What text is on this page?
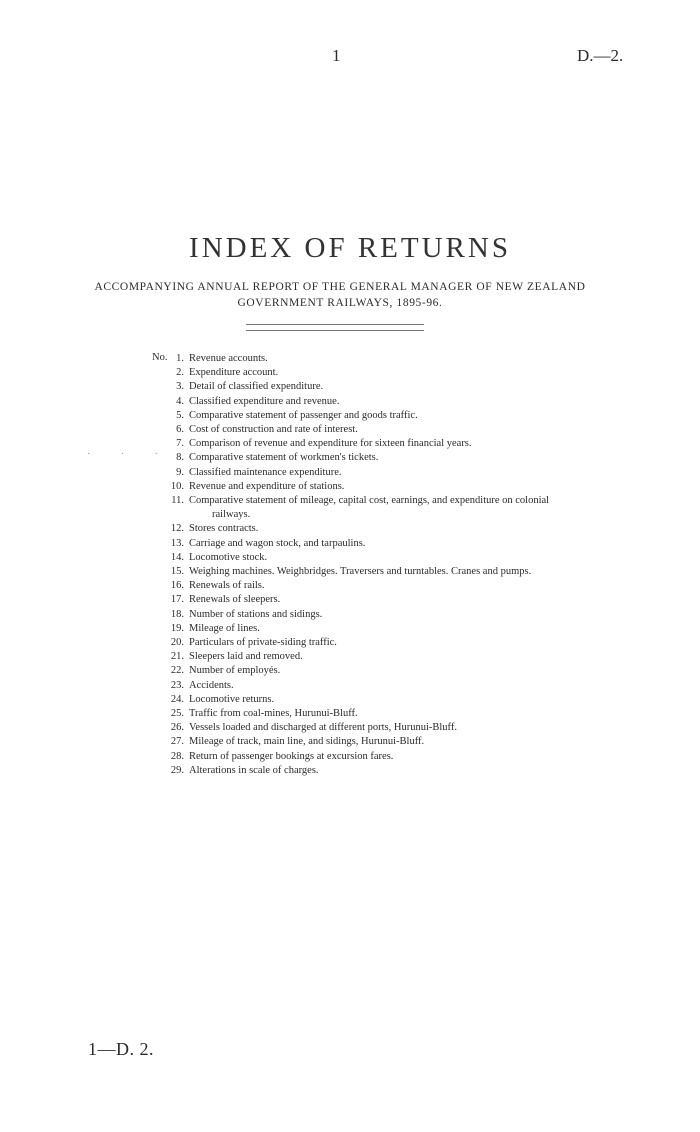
1	D.—2.
INDEX OF RETURNS
ACCOMPANYING ANNUAL REPORT OF THE GENERAL MANAGER OF NEW ZEALAND
GOVERNMENT RAILWAYS, 1895-96.
No.
· · ·
1. Revenue accounts.
2. Expenditure account.
3. Detail of classified expenditure.
4. Classified expenditure and revenue.
5. Comparative statement of passenger and goods traffic.
6. Cost of construction and rate of interest.
7. Comparison of revenue and expenditure for sixteen financial years.
8. Comparative statement of workmen's tickets.
9. Classified maintenance expenditure.
10. Revenue and expenditure of stations.
11. Comparative statement of mileage, capital cost, earnings, and expenditure on colonial
railways.
12. Stores contracts.
13. Carriage and wagon stock, and tarpaulins.
14. Locomotive stock.
15. Weighing machines. Weighbridges. Traversers and turntables. Cranes and pumps.
16. Renewals of rails.
17. Renewals of sleepers.
18. Number of stations and sidings.
19. Mileage of lines.
20. Particulars of private-siding traffic.
21. Sleepers laid and removed.
22. Number of employés.
23. Accidents.
24. Locomotive returns.
25. Traffic from coal-mines, Hurunui-Bluff.
26. Vessels loaded and discharged at different ports, Hurunui-Bluff.
27. Mileage of track, main line, and sidings, Hurunui-Bluff.
28. Return of passenger bookings at excursion fares.
29. Alterations in scale of charges.
1—D. 2.
